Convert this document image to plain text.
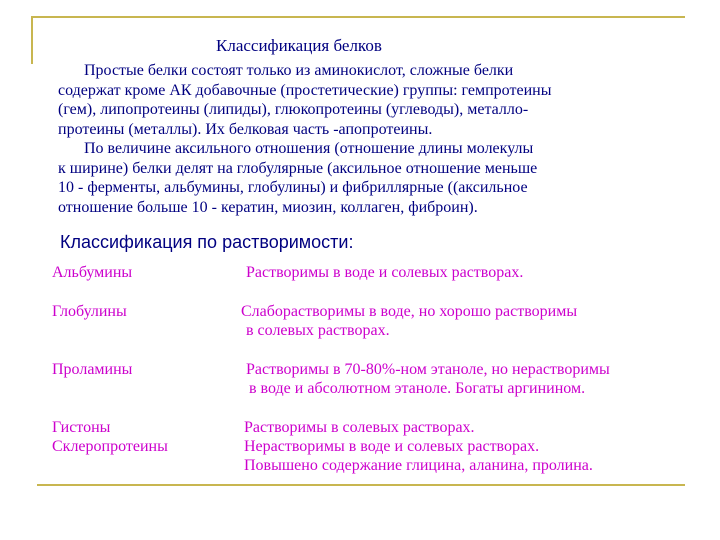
Классификация белков
Простые белки состоят только из аминокислот, сложные белки
содержат кроме АК добавочные (простетические) группы: гемпротеины
(гем), липопротеины (липиды), глюкопротеины (углеводы), металло-
протеины (металлы). Их белковая часть -апопротеины.
По величине аксильного отношения (отношение длины молекулы
к ширине) белки делят на глобулярные (аксильное отношение меньше
10 - ферменты, альбумины, глобулины) и фибриллярные ((аксильное
отношение больше 10 - кератин, миозин, коллаген, фиброин).
Классификация по растворимости:
Альбумины	Растворимы в воде и солевых растворах.
Глобулины	Слаборастворимы в воде, но хорошо растворимы
в солевых растворах.
Проламины	Растворимы в 70-80%-ном этаноле, но нерастворимы
в воде и абсолютном этаноле. Богаты аргинином.
Гистоны	Растворимы в солевых растворах.
Склеропротеины	Нерастворимы в воде и солевых растворах.
Повышено содержание глицина, аланина, пролина.
